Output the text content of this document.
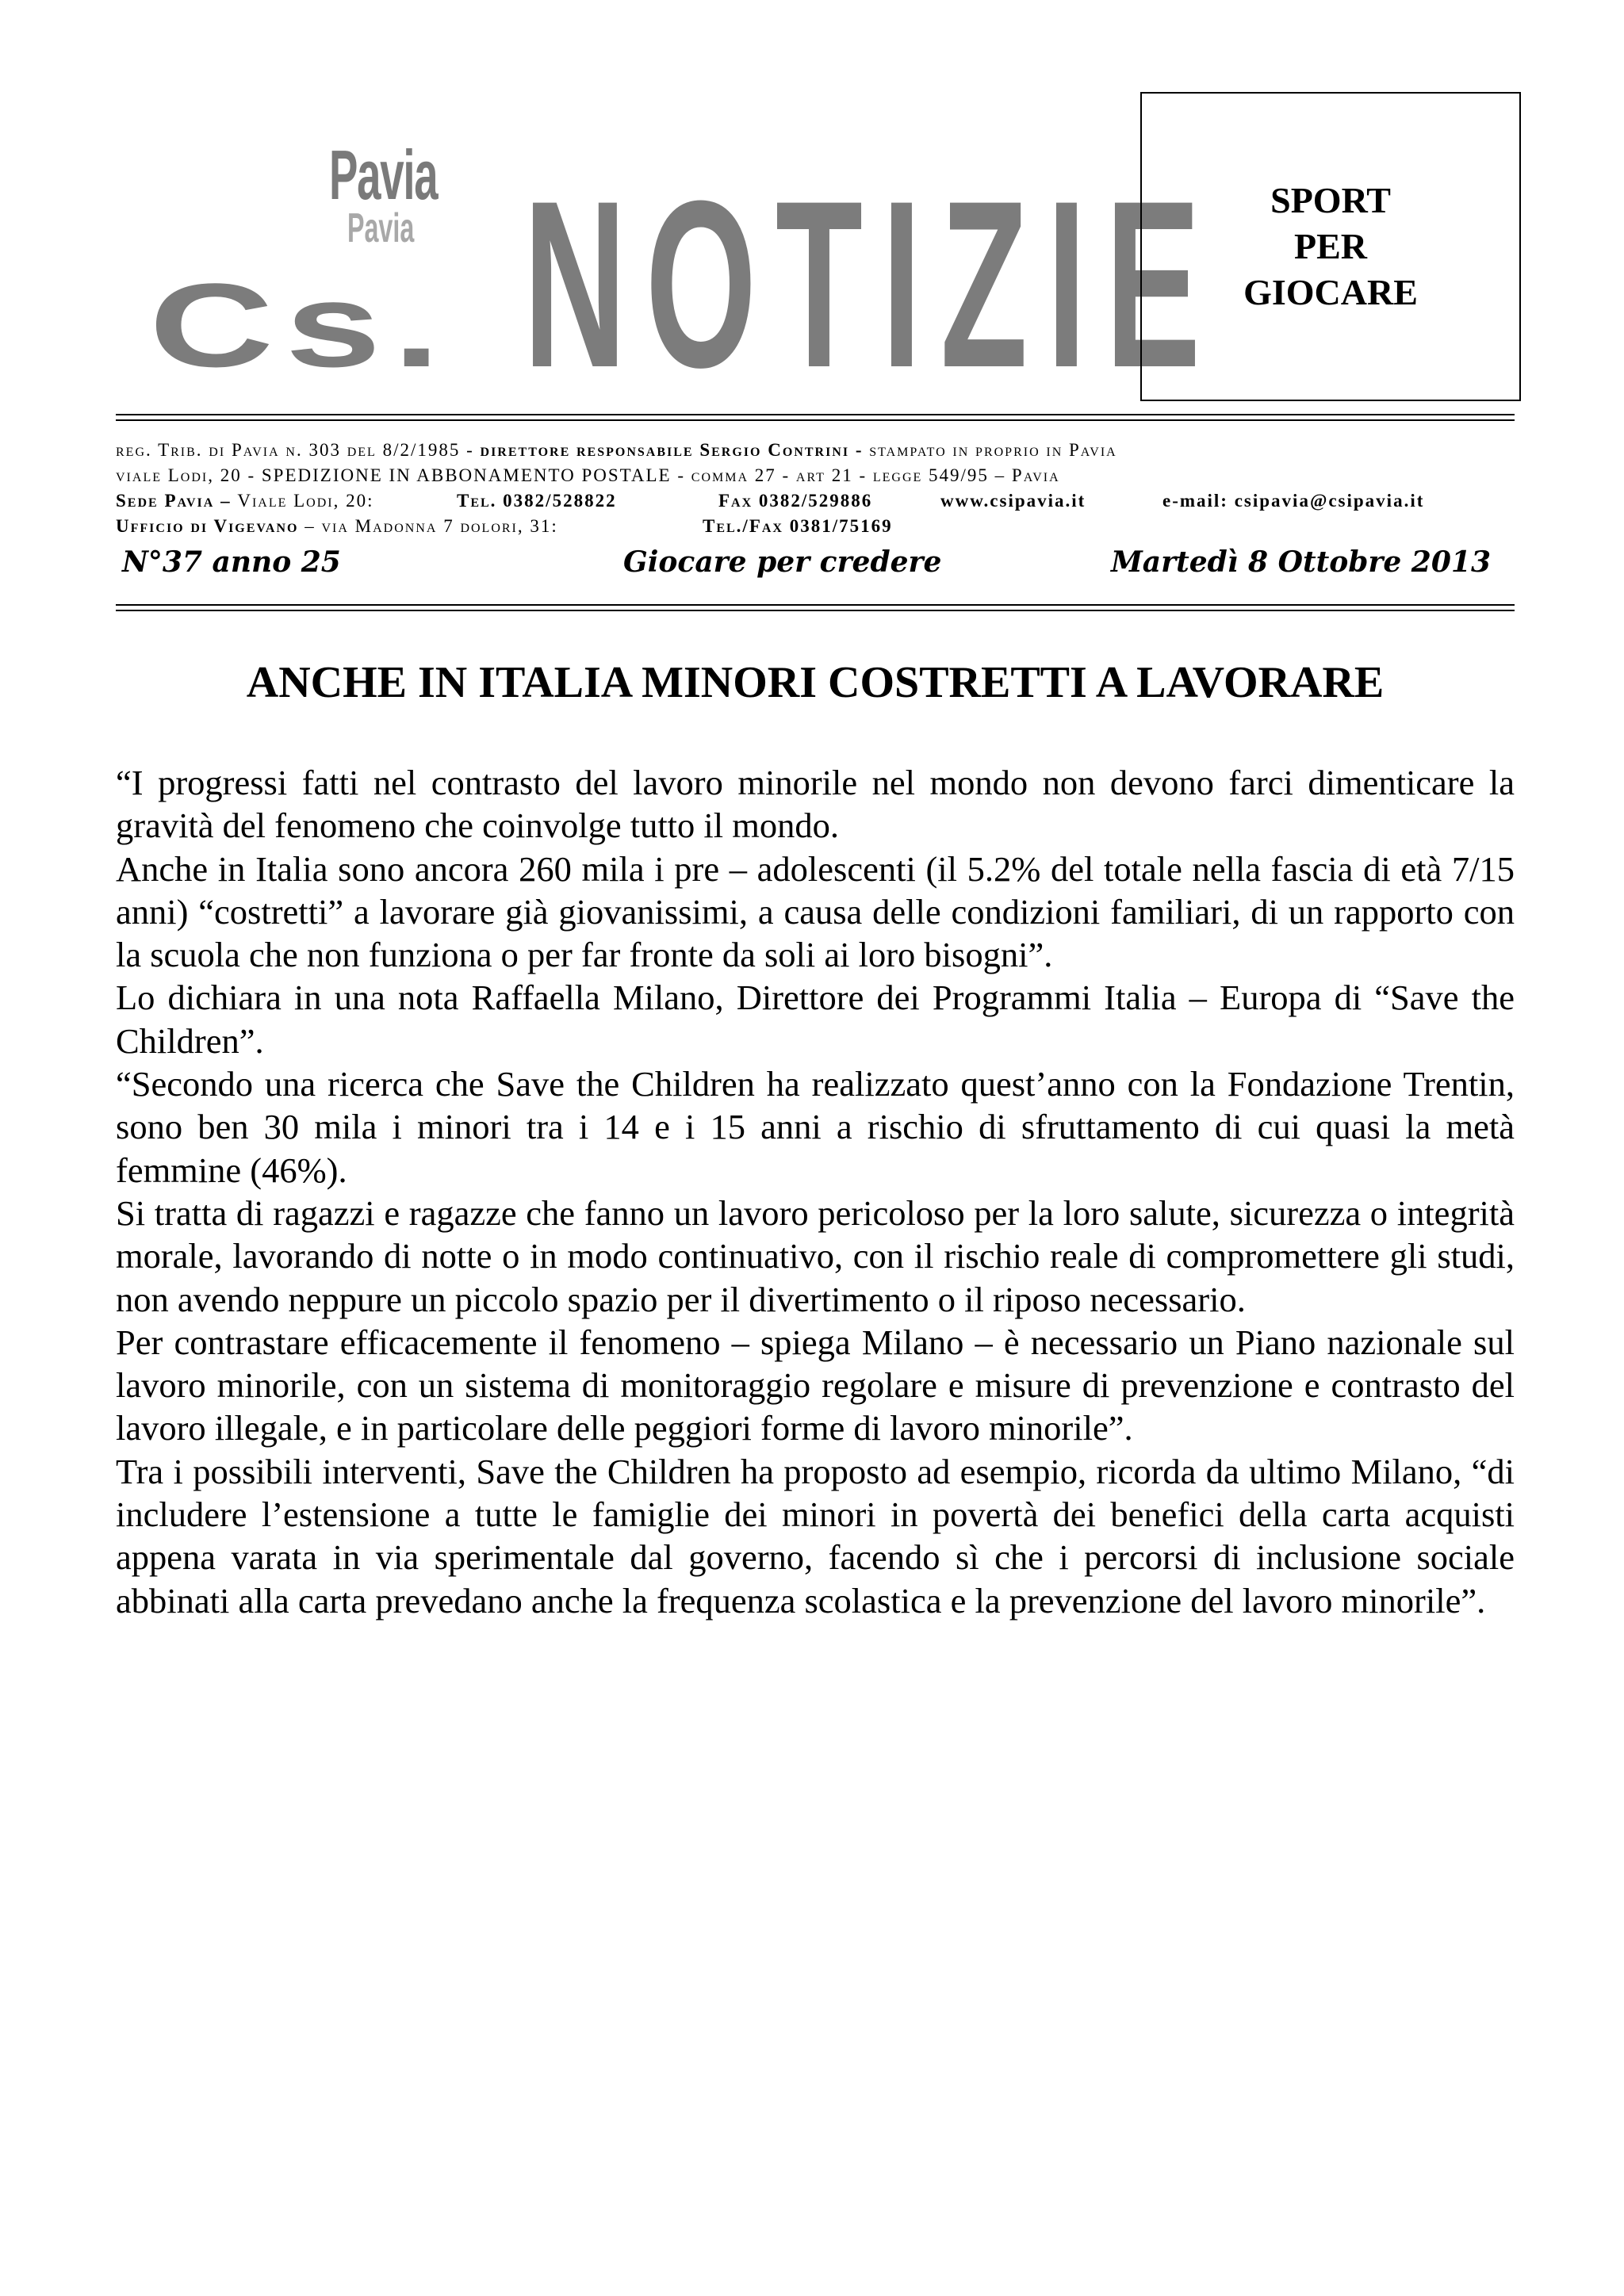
Pavia
Pavia
Cs. NOTIZIE SPORT
PER
GIOCARE
reg. Trib. di Pavia n. 303 del 8/2/1985 - direttore responsabile Sergio Contrini - stampato in proprio in Pavia
viale Lodi, 20 - SPEDIZIONE IN ABBONAMENTO POSTALE - comma 27 - art 21 - legge 549/95 – Pavia
Sede Pavia – Viale Lodi, 20:	Tel. 0382/528822	Fax 0382/529886	www.csipavia.it	e-mail: csipavia@csipavia.it
Ufficio di Vigevano – via Madonna 7 dolori, 31:	Tel./Fax 0381/75169
N°37 anno 25	Giocare per credere	Martedì 8 Ottobre 2013
ANCHE IN ITALIA MINORI COSTRETTI A LAVORARE

“I progressi fatti nel contrasto del lavoro minorile nel mondo non devono farci dimenticare la gravità del fenomeno che coinvolge tutto il mondo.

Anche in Italia sono ancora 260 mila i pre – adolescenti (il 5.2% del totale nella fascia di età 7/15 anni) “costretti” a lavorare già giovanissimi, a causa delle condizioni familiari, di un rapporto con la scuola che non funziona o per far fronte da soli ai loro bisogni”.

Lo dichiara in una nota Raffaella Milano, Direttore dei Programmi Italia – Europa di “Save the Children”.

“Secondo una ricerca che Save the Children ha realizzato quest’anno con la Fondazione Trentin, sono ben 30 mila i minori tra i 14 e i 15 anni a rischio di sfruttamento di cui quasi la metà femmine (46%).

Si tratta di ragazzi e ragazze che fanno un lavoro pericoloso per la loro salute, sicurezza o integrità morale, lavorando di notte o in modo continuativo, con il rischio reale di compromettere gli studi, non avendo neppure un piccolo spazio per il divertimento o il riposo necessario.

Per contrastare efficacemente il fenomeno – spiega Milano – è necessario un Piano nazionale sul lavoro minorile, con un sistema di monitoraggio regolare e misure di prevenzione e contrasto del lavoro illegale, e in particolare delle peggiori forme di lavoro minorile”.

Tra i possibili interventi, Save the Children ha proposto ad esempio, ricorda da ultimo Milano, “di includere l’estensione a tutte le famiglie dei minori in povertà dei benefici della carta acquisti appena varata in via sperimentale dal governo, facendo sì che i percorsi di inclusione sociale abbinati alla carta prevedano anche la frequenza scolastica e la prevenzione del lavoro minorile”.
